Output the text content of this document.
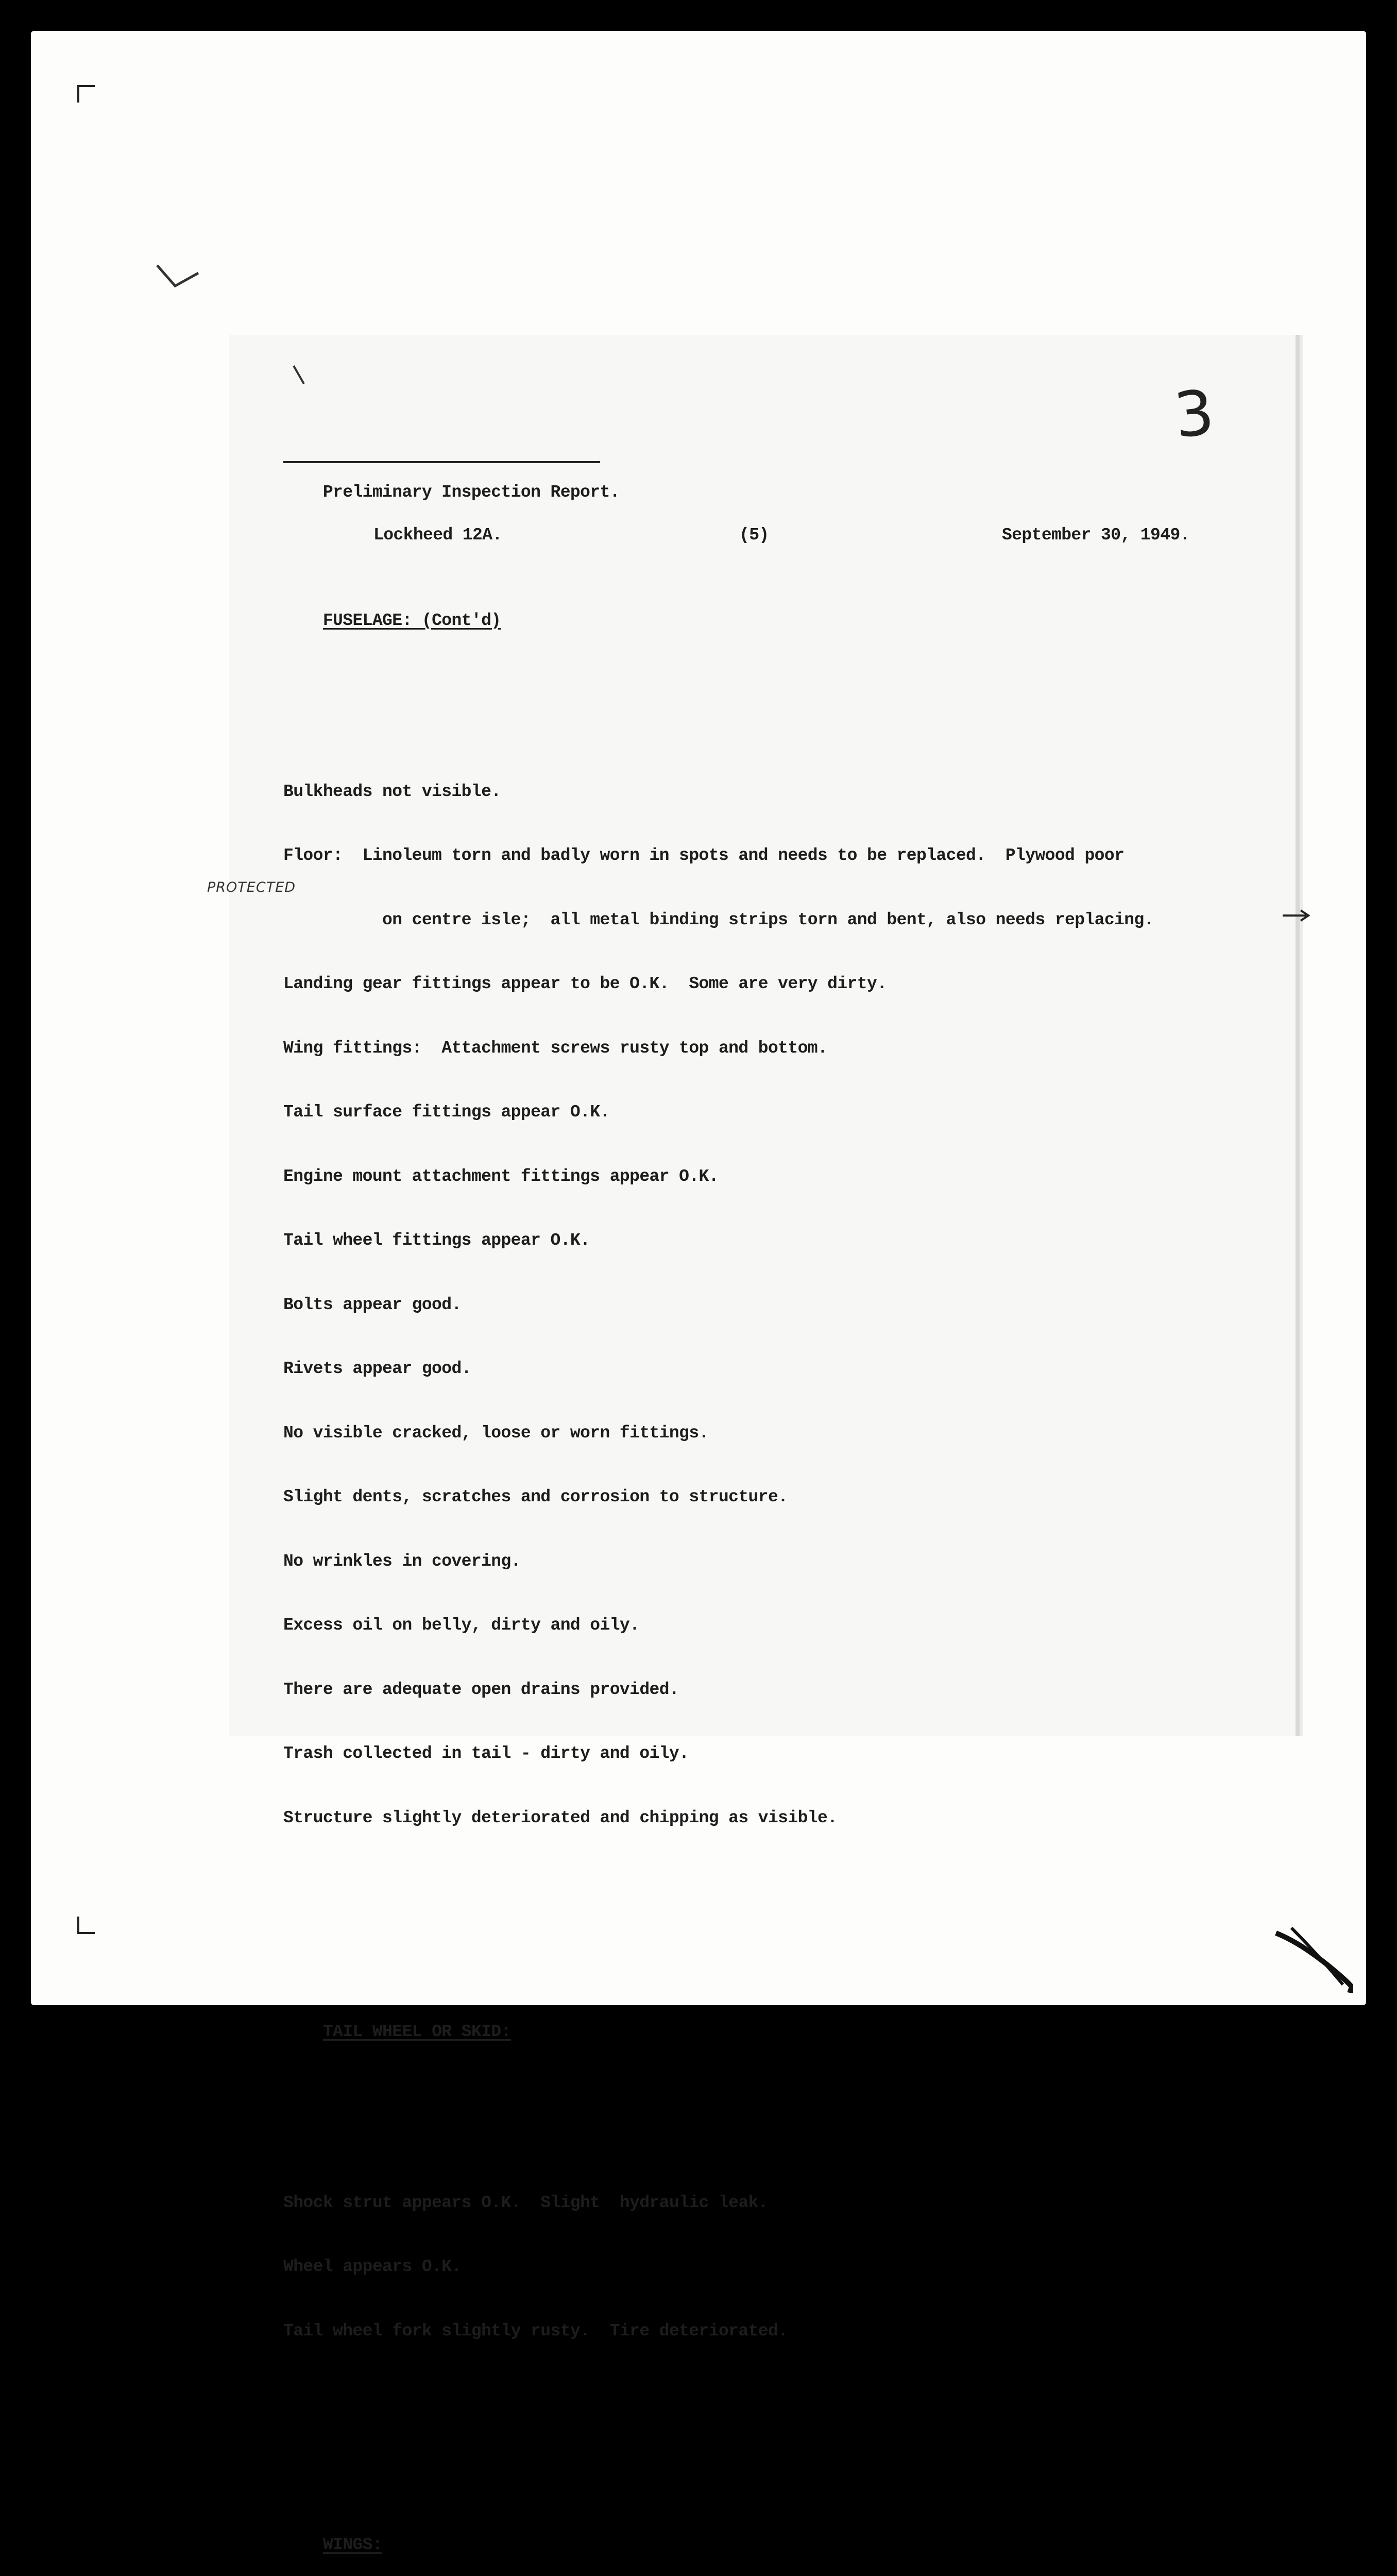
3
PROTECTED

Preliminary Inspection Report.

Lockheed 12A.

	(5)

	September 30, 1949.

FUSELAGE: (Cont'd)

Bulkheads not visible.

Floor:  Linoleum torn and badly worn in spots and needs to be replaced.  Plywood poor

on centre isle;  all metal binding strips torn and bent, also needs replacing.

Landing gear fittings appear to be O.K.  Some are very dirty.

Wing fittings:  Attachment screws rusty top and bottom.

Tail surface fittings appear O.K.

Engine mount attachment fittings appear O.K.

Tail wheel fittings appear O.K.

Bolts appear good.

Rivets appear good.

No visible cracked, loose or worn fittings.

Slight dents, scratches and corrosion to structure.

No wrinkles in covering.

Excess oil on belly, dirty and oily.

There are adequate open drains provided.

Trash collected in tail - dirty and oily.

Structure slightly deteriorated and chipping as visible.

TAIL WHEEL OR SKID:

Shock strut appears O.K.  Slight  hydraulic leak.

Wheel appears O.K.

Tail wheel fork slightly rusty.  Tire deteriorated.

WINGS:
